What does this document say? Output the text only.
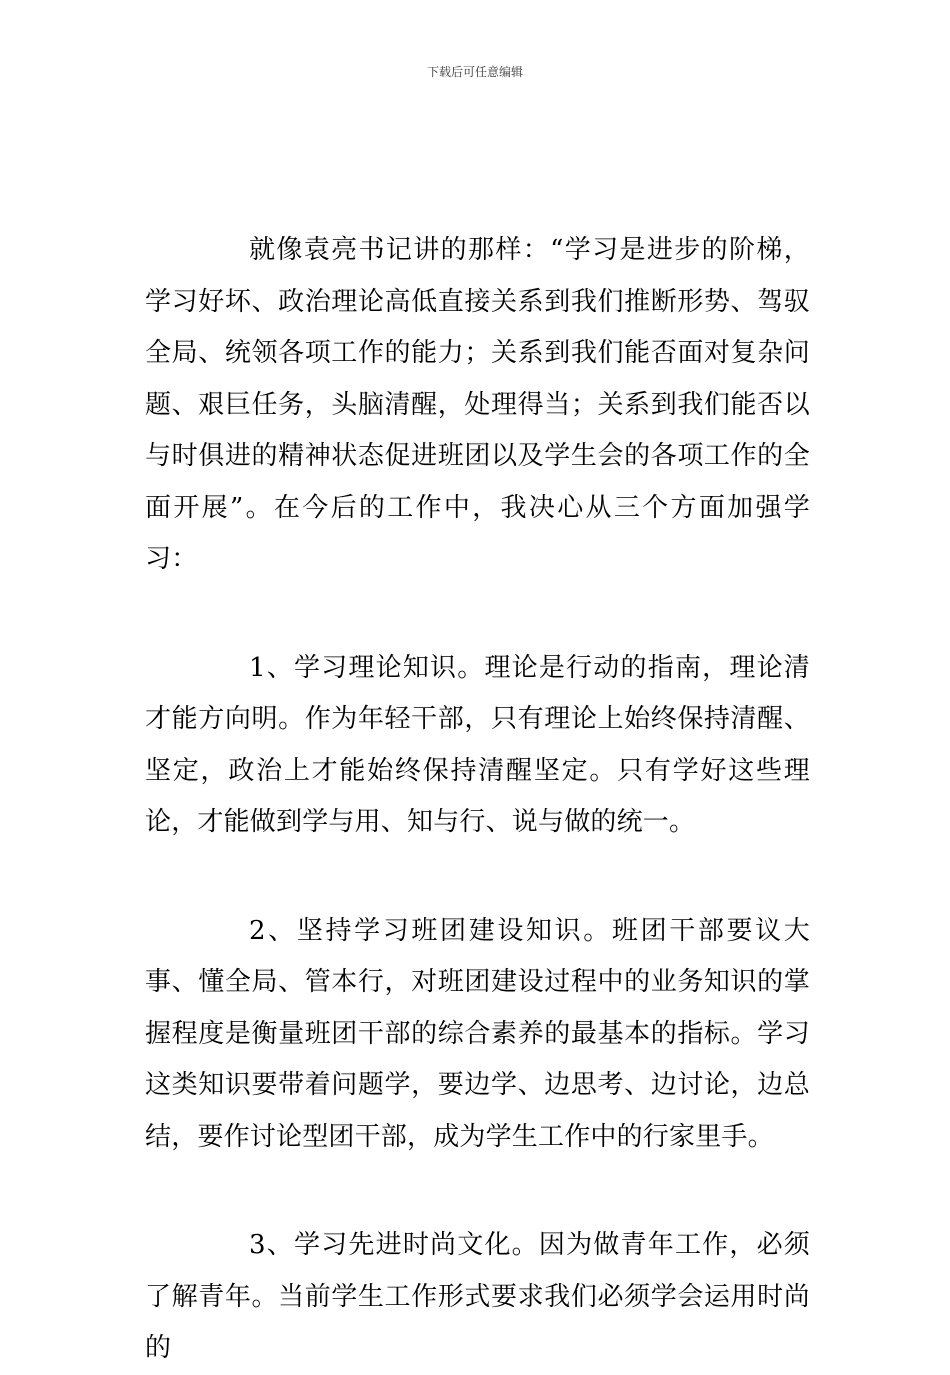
下载后可任意编辑

就像袁亮书记讲的那样：“学习是进步的阶梯，学习好坏、政治理论高低直接关系到我们推断形势、驾驭全局、统领各项工作的能力；关系到我们能否面对复杂问题、艰巨任务，头脑清醒，处理得当；关系到我们能否以与时俱进的精神状态促进班团以及学生会的各项工作的全面开展”。在今后的工作中，我决心从三个方面加强学习：

1、学习理论知识。理论是行动的指南，理论清才能方向明。作为年轻干部，只有理论上始终保持清醒、坚定，政治上才能始终保持清醒坚定。只有学好这些理论，才能做到学与用、知与行、说与做的统一。

2、坚持学习班团建设知识。班团干部要议大事、懂全局、管本行，对班团建设过程中的业务知识的掌握程度是衡量班团干部的综合素养的最基本的指标。学习这类知识要带着问题学，要边学、边思考、边讨论，边总结，要作讨论型团干部，成为学生工作中的行家里手。

3、学习先进时尚文化。因为做青年工作，必须了解青年。当前学生工作形式要求我们必须学会运用时尚的
